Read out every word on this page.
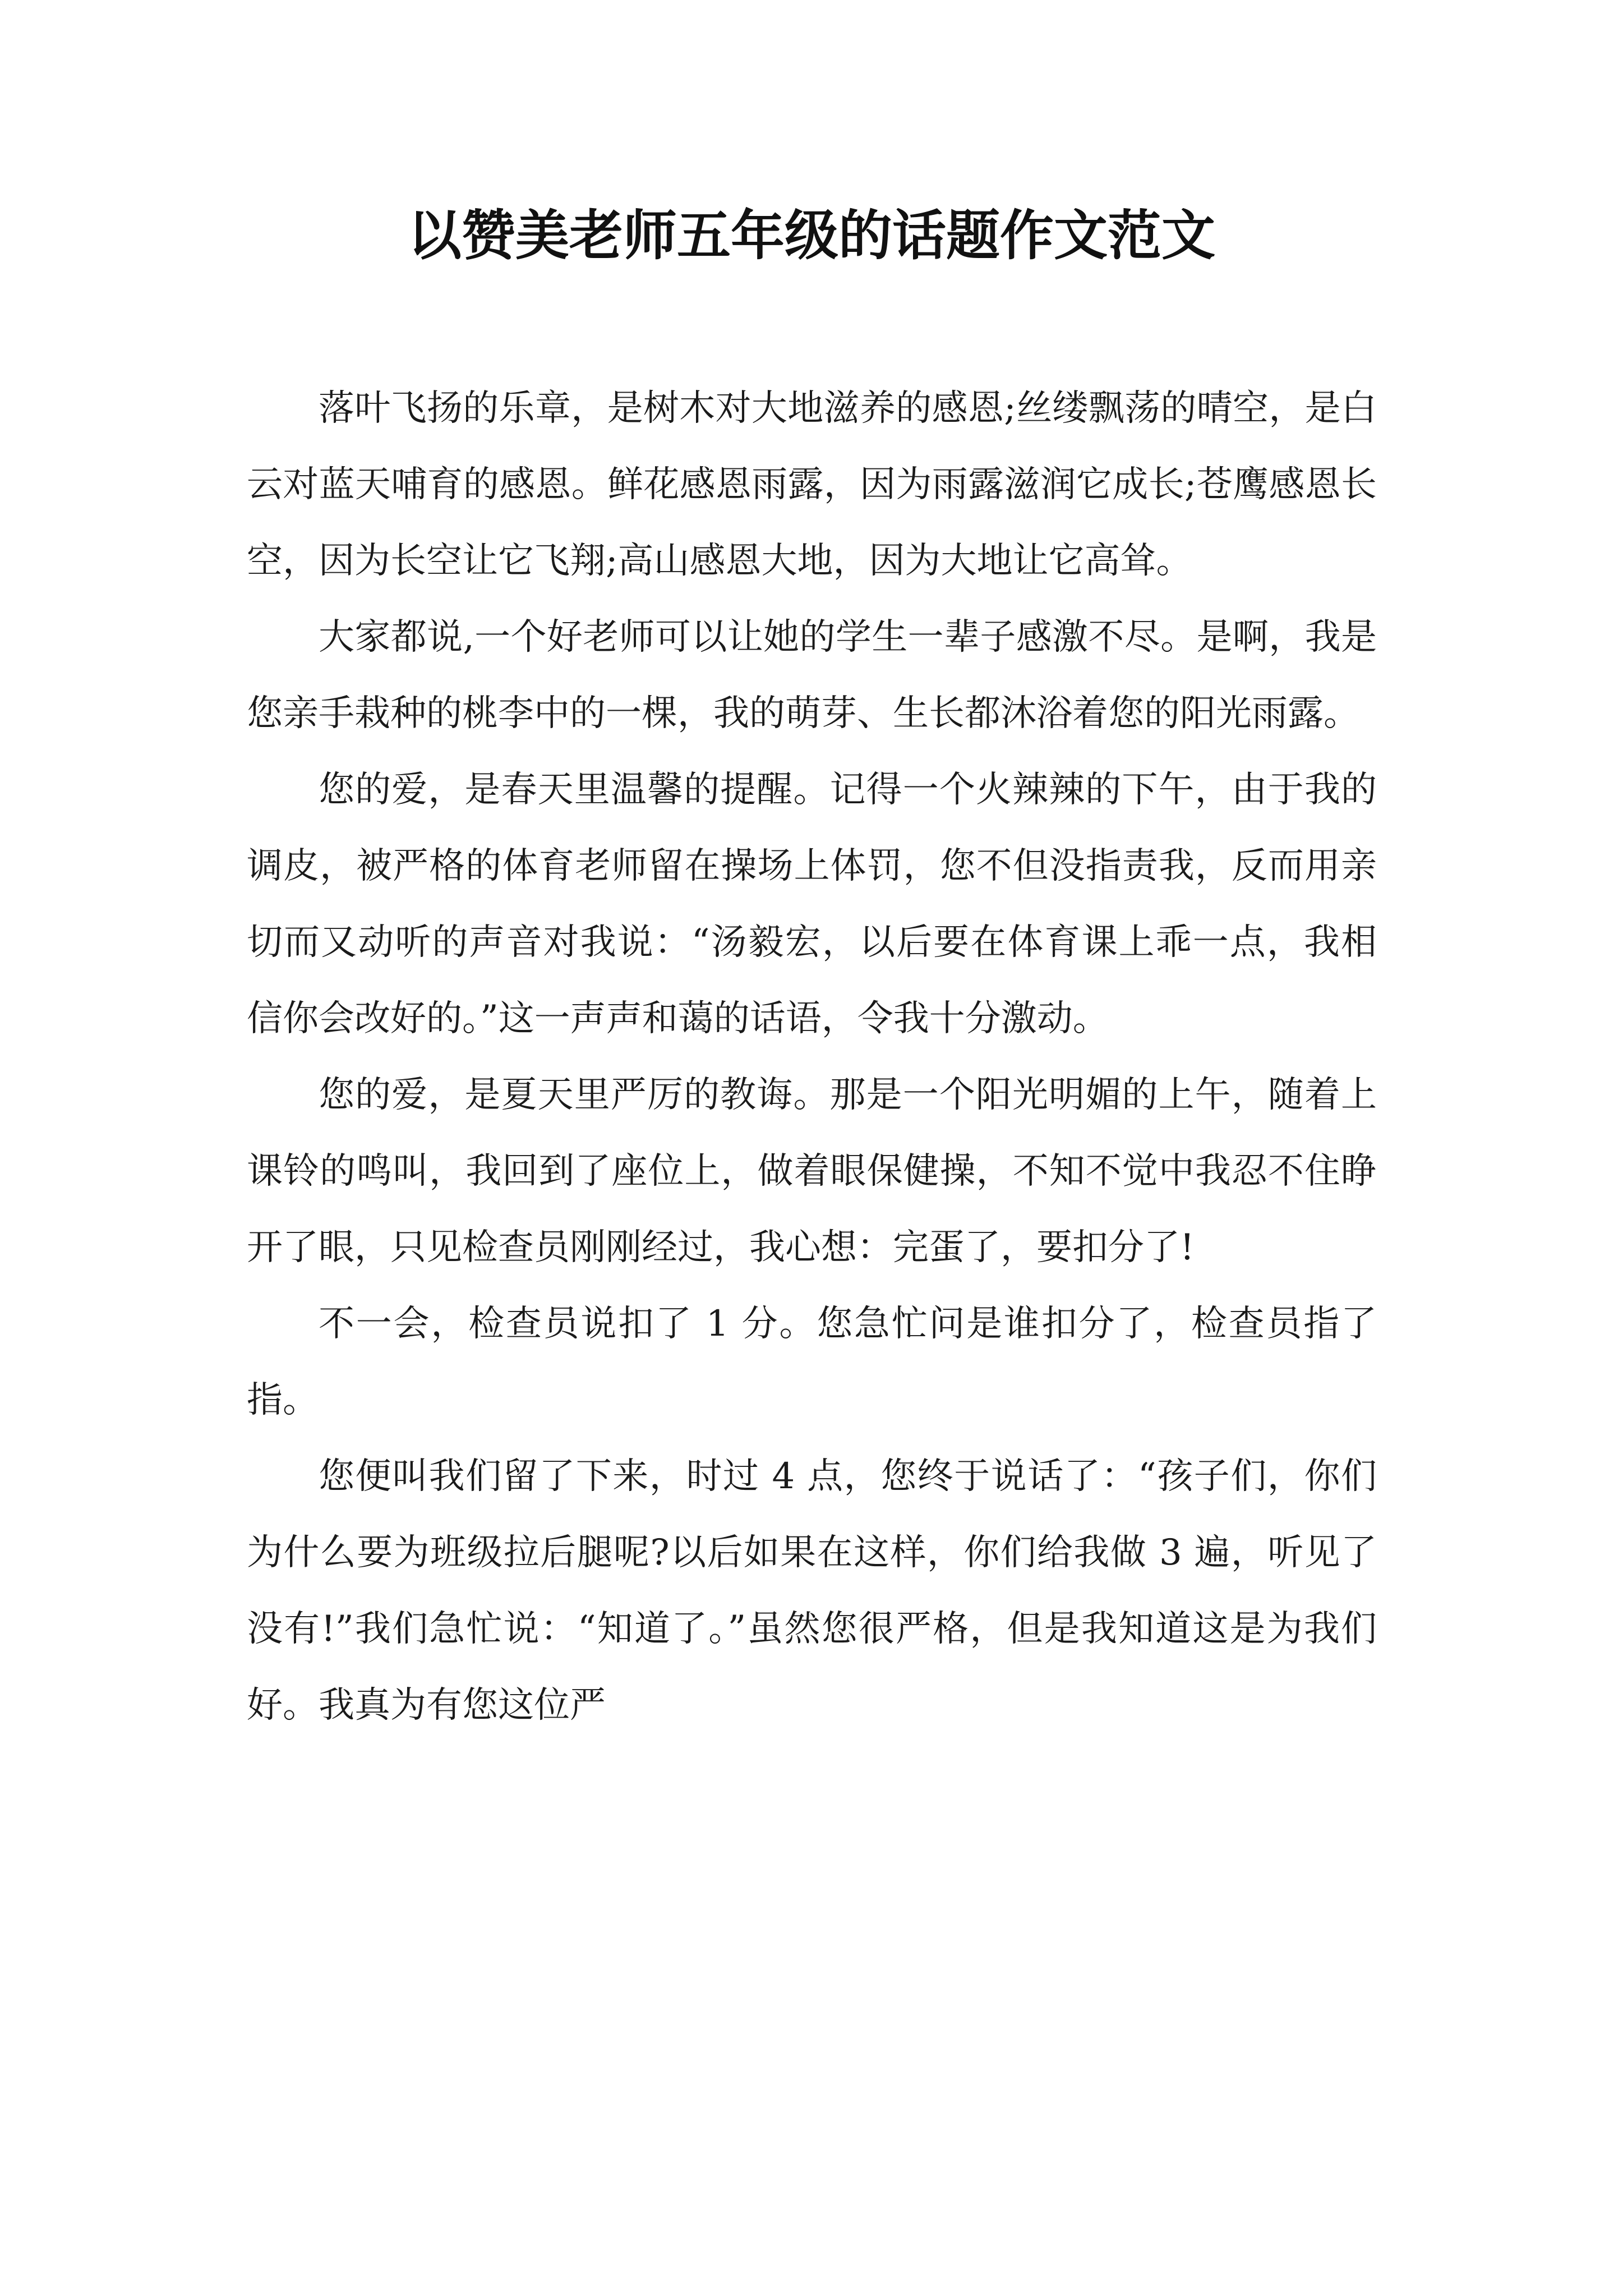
以赞美老师五年级的话题作文范文

落叶飞扬的乐章，是树木对大地滋养的感恩;丝缕飘荡的晴空，是白云对蓝天哺育的感恩。鲜花感恩雨露，因为雨露滋润它成长;苍鹰感恩长空，因为长空让它飞翔;高山感恩大地，因为大地让它高耸。

大家都说,一个好老师可以让她的学生一辈子感激不尽。是啊，我是您亲手栽种的桃李中的一棵，我的萌芽、生长都沐浴着您的阳光雨露。

您的爱，是春天里温馨的提醒。记得一个火辣辣的下午，由于我的调皮，被严格的体育老师留在操场上体罚，您不但没指责我，反而用亲切而又动听的声音对我说：“汤毅宏，以后要在体育课上乖一点，我相信你会改好的。”这一声声和蔼的话语，令我十分激动。

您的爱，是夏天里严厉的教诲。那是一个阳光明媚的上午，随着上课铃的鸣叫，我回到了座位上，做着眼保健操，不知不觉中我忍不住睁开了眼，只见检查员刚刚经过，我心想：完蛋了，要扣分了!

不一会，检查员说扣了 1 分。您急忙问是谁扣分了，检查员指了指。

您便叫我们留了下来，时过 4 点，您终于说话了：“孩子们，你们为什么要为班级拉后腿呢?以后如果在这样，你们给我做 3 遍，听见了没有!”我们急忙说：“知道了。”虽然您很严格，但是我知道这是为我们好。我真为有您这位严
